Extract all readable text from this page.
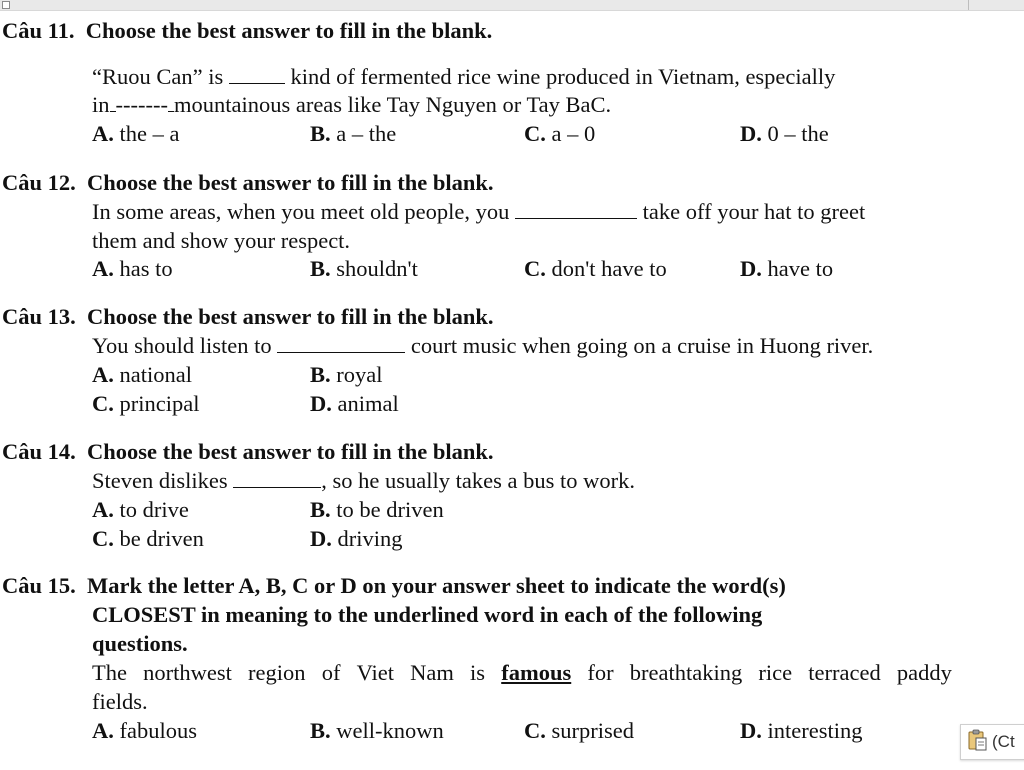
Câu 11. Choose the best answer to fill in the blank.
“Ruou Can” is  kind of fermented rice wine produced in Vietnam, especially
in ------- mountainous areas like Tay Nguyen or Tay BaC.
A. the – a	B. a – the	C. a – 0	D. 0 – the
Câu 12. Choose the best answer to fill in the blank.
In some areas, when you meet old people, you	take off your hat to greet
them and show your respect.
A. has to	B. shouldn't	C. don't have to	D. have to
Câu 13. Choose the best answer to fill in the blank.
You should listen to	court music when going on a cruise in Huong river.
A. national	B. royal
C. principal	D. animal
Câu 14. Choose the best answer to fill in the blank.
Steven dislikes	, so he usually takes a bus to work.
A. to drive	B. to be driven
C. be driven	D. driving
Câu 15. Mark the letter A, B, C or D on your answer sheet to indicate the word(s)
CLOSEST in meaning to the underlined word in each of the following
questions.
The northwest region of Viet Nam is famous for breathtaking rice terraced paddy
fields.
A. fabulous	B. well-known	C. surprised	D. interesting	(Ct
